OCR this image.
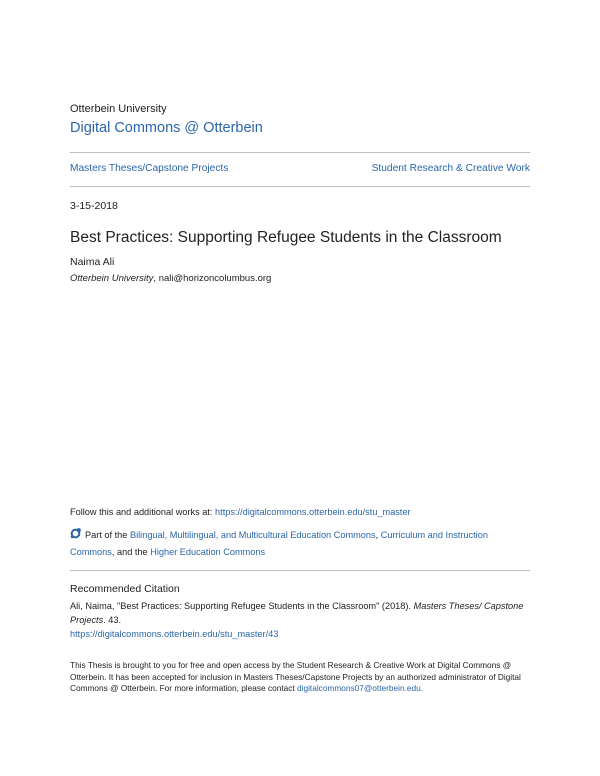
Otterbein University
Digital Commons @ Otterbein
Masters Theses/Capstone Projects	Student Research & Creative Work
3-15-2018
Best Practices: Supporting Refugee Students in the Classroom
Naima Ali
Otterbein University, nali@horizoncolumbus.org
Follow this and additional works at: https://digitalcommons.otterbein.edu/stu_master
Part of the Bilingual, Multilingual, and Multicultural Education Commons, Curriculum and Instruction Commons, and the Higher Education Commons
Recommended Citation
Ali, Naima, "Best Practices: Supporting Refugee Students in the Classroom" (2018). Masters Theses/ Capstone Projects. 43.
https://digitalcommons.otterbein.edu/stu_master/43
This Thesis is brought to you for free and open access by the Student Research & Creative Work at Digital Commons @ Otterbein. It has been accepted for inclusion in Masters Theses/Capstone Projects by an authorized administrator of Digital Commons @ Otterbein. For more information, please contact digitalcommons07@otterbein.edu.
